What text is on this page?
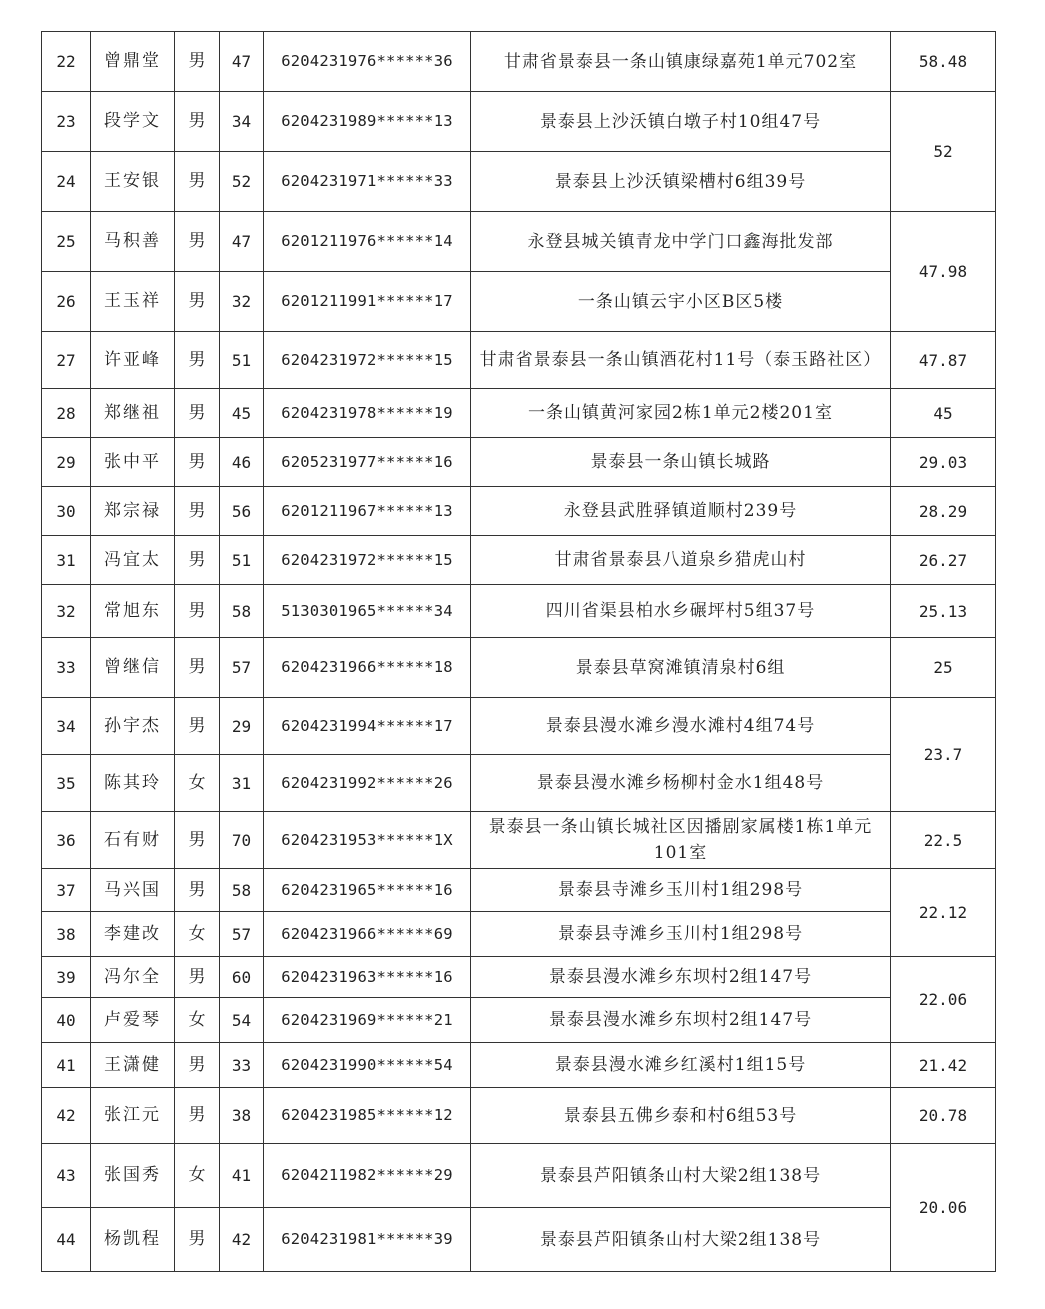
22	曾鼎堂	男	47	6204231976******36	甘肃省景泰县一条山镇康绿嘉苑1单元702室	58.48
23	段学文	男	34	6204231989******13	景泰县上沙沃镇白墩子村10组47号	52
24	王安银	男	52	6204231971******33	景泰县上沙沃镇梁槽村6组39号	
25	马积善	男	47	6201211976******14	永登县城关镇青龙中学门口鑫海批发部	47.98
26	王玉祥	男	32	6201211991******17	一条山镇云宇小区B区5楼	
27	许亚峰	男	51	6204231972******15	甘肃省景泰县一条山镇酒花村11号（泰玉路社区）	47.87
28	郑继祖	男	45	6204231978******19	一条山镇黄河家园2栋1单元2楼201室	45
29	张中平	男	46	6205231977******16	景泰县一条山镇长城路	29.03
30	郑宗禄	男	56	6201211967******13	永登县武胜驿镇道顺村239号	28.29
31	冯宜太	男	51	6204231972******15	甘肃省景泰县八道泉乡猎虎山村	26.27
32	常旭东	男	58	5130301965******34	四川省渠县柏水乡碾坪村5组37号	25.13
33	曾继信	男	57	6204231966******18	景泰县草窝滩镇清泉村6组	25
34	孙宇杰	男	29	6204231994******17	景泰县漫水滩乡漫水滩村4组74号	23.7
35	陈其玲	女	31	6204231992******26	景泰县漫水滩乡杨柳村金水1组48号	
36	石有财	男	70	6204231953******1X	景泰县一条山镇长城社区因播剧家属楼1栋1单元101室	22.5
37	马兴国	男	58	6204231965******16	景泰县寺滩乡玉川村1组298号	22.12
38	李建改	女	57	6204231966******69	景泰县寺滩乡玉川村1组298号	
39	冯尔全	男	60	6204231963******16	景泰县漫水滩乡东坝村2组147号	22.06
40	卢爱琴	女	54	6204231969******21	景泰县漫水滩乡东坝村2组147号	
41	王潇健	男	33	6204231990******54	景泰县漫水滩乡红溪村1组15号	21.42
42	张江元	男	38	6204231985******12	景泰县五佛乡泰和村6组53号	20.78
43	张国秀	女	41	6204211982******29	景泰县芦阳镇条山村大梁2组138号	20.06
44	杨凯程	男	42	6204231981******39	景泰县芦阳镇条山村大梁2组138号	
